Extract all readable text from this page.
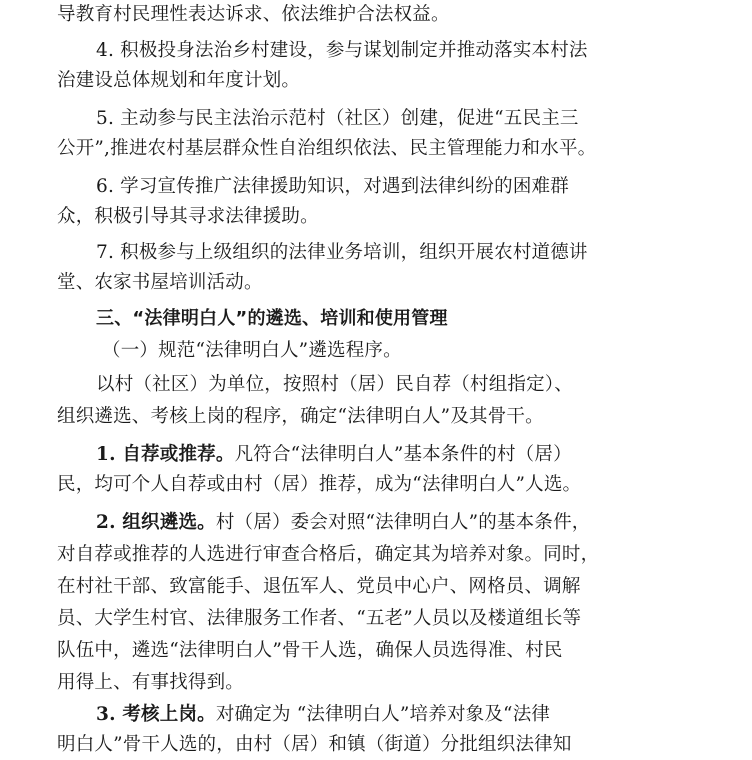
导教育村民理性表达诉求、依法维护合法权益。
4. 积极投身法治乡村建设，参与谋划制定并推动落实本村法
治建设总体规划和年度计划。
5. 主动参与民主法治示范村（社区）创建，促进“五民主三
公开”,推进农村基层群众性自治组织依法、民主管理能力和水平。
6. 学习宣传推广法律援助知识，对遇到法律纠纷的困难群
众，积极引导其寻求法律援助。
7. 积极参与上级组织的法律业务培训，组织开展农村道德讲
堂、农家书屋培训活动。
三、“法律明白人”的遴选、培训和使用管理
（一）规范“法律明白人”遴选程序。
以村（社区）为单位，按照村（居）民自荐（村组指定）、
组织遴选、考核上岗的程序，确定“法律明白人”及其骨干。
1. 自荐或推荐。凡符合“法律明白人”基本条件的村（居）
民，均可个人自荐或由村（居）推荐，成为“法律明白人”人选。
2. 组织遴选。村（居）委会对照“法律明白人”的基本条件，
对自荐或推荐的人选进行审查合格后，确定其为培养对象。同时，
在村社干部、致富能手、退伍军人、党员中心户、网格员、调解
员、大学生村官、法律服务工作者、“五老”人员以及楼道组长等
队伍中，遴选“法律明白人”骨干人选，确保人员选得准、村民
用得上、有事找得到。
3. 考核上岗。对确定为 “法律明白人”培养对象及“法律
明白人”骨干人选的，由村（居）和镇（街道）分批组织法律知
